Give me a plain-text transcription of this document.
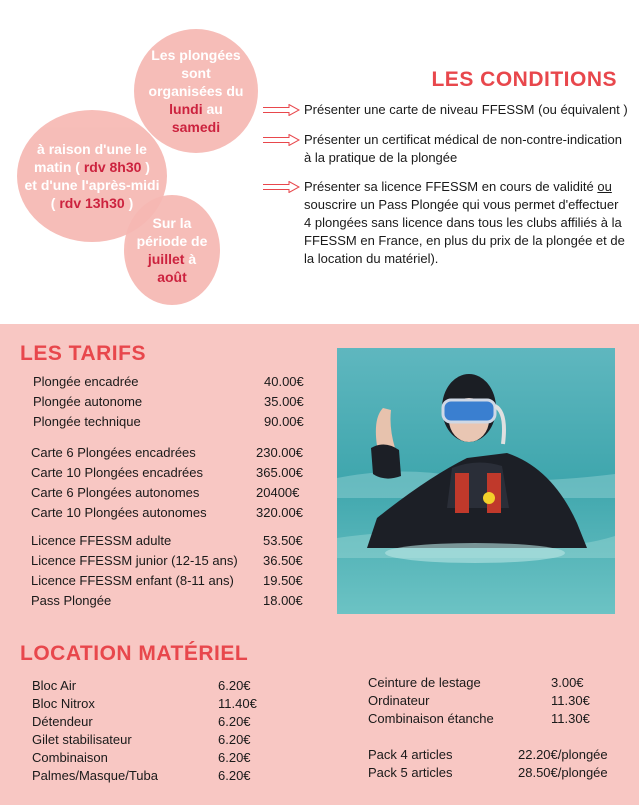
Les plongées
sont
organisées du
lundi au
samedi
à raison d'une le
matin ( rdv 8h30 )
et d'une l'après-midi
( rdv 13h30 )
Sur la
période de
juillet à
août
LES CONDITIONS
Présenter une carte de niveau FFESSM (ou équivalent )
Présenter un certificat médical de non-contre-indication à la pratique de la plongée
Présenter sa licence FFESSM en cours de validité ou souscrire un Pass Plongée qui vous permet d'effectuer 4 plongées sans licence dans tous les clubs affiliés à la FFESSM en France, en plus du prix de la plongée et de la location du matériel).
LES TARIFS
Plongée encadrée	40.00€
Plongée autonome	35.00€
Plongée technique	90.00€
Carte 6 Plongées encadrées	230.00€
Carte 10 Plongées encadrées	365.00€
Carte 6 Plongées autonomes	20400€
Carte 10 Plongées autonomes	320.00€
Licence FFESSM adulte	53.50€
Licence FFESSM junior (12-15 ans) 36.50€
Licence FFESSM enfant (8-11 ans) 19.50€
Pass Plongée	18.00€
LOCATION MATÉRIEL
Bloc Air	6.20€
Bloc Nitrox	11.40€
Détendeur	6.20€
Gilet stabilisateur	6.20€
Combinaison	6.20€
Palmes/Masque/Tuba	6.20€
Ceinture de lestage	3.00€
Ordinateur	11.30€
Combinaison étanche	11.30€
Pack 4 articles	22.20€/plongée
Pack 5 articles	28.50€/plongée
